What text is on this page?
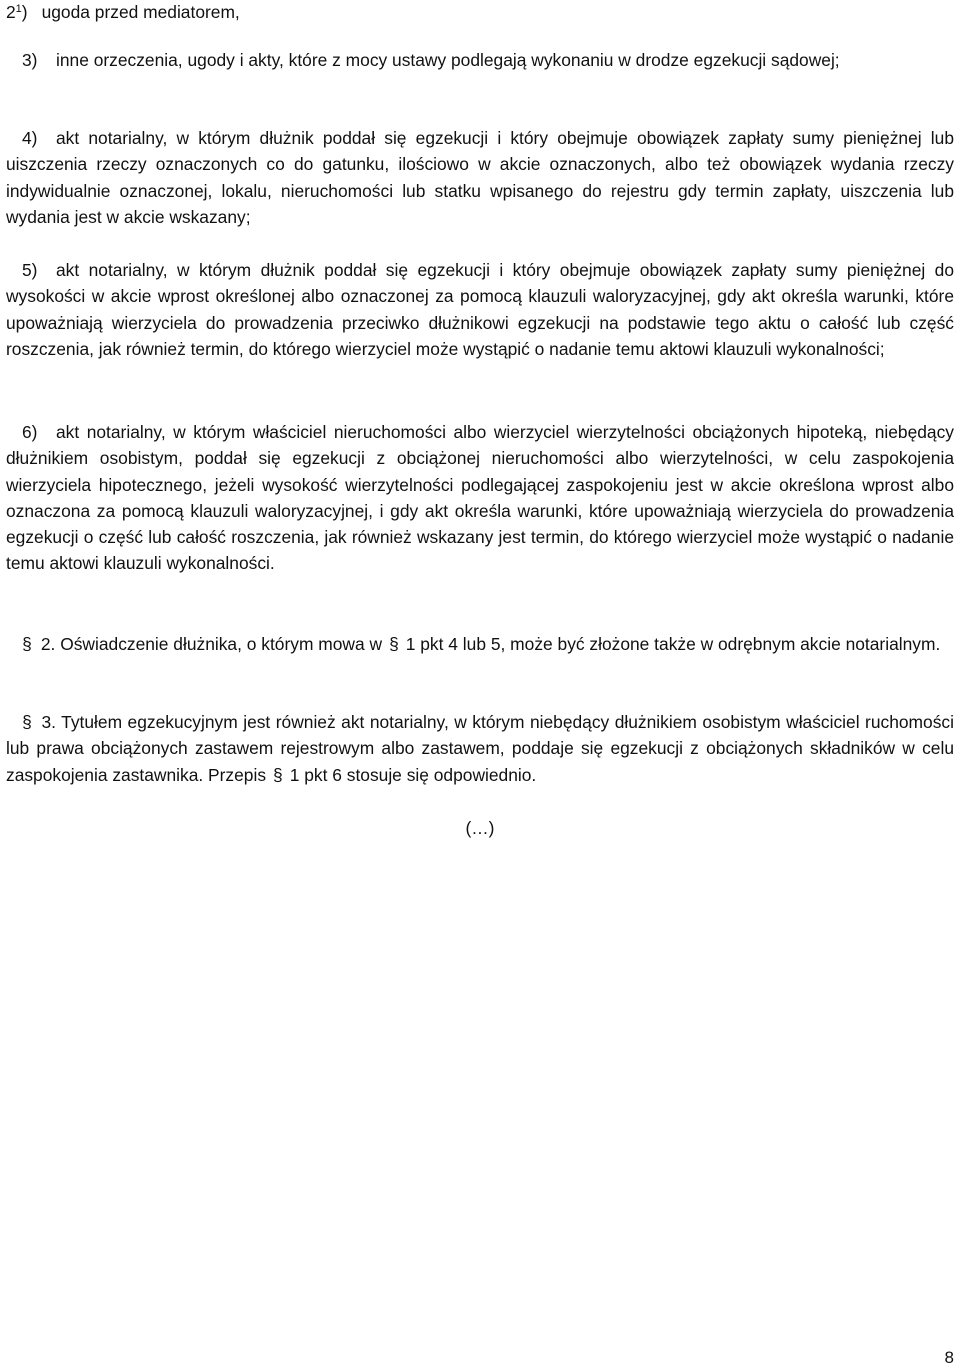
$2^1$) ugoda przed mediatorem,

3) inne orzeczenia, ugody i akty, które z mocy ustawy podlegają wykonaniu w drodze egzekucji sądowej;

4) akt notarialny, w którym dłużnik poddał się egzekucji i który obejmuje obowiązek zapłaty sumy pieniężnej lub uiszczenia rzeczy oznaczonych co do gatunku, ilościowo w akcie oznaczonych, albo też obowiązek wydania rzeczy indywidualnie oznaczonej, lokalu, nieruchomości lub statku wpisanego do rejestru gdy termin zapłaty, uiszczenia lub wydania jest w akcie wskazany;

5) akt notarialny, w którym dłużnik poddał się egzekucji i który obejmuje obowiązek zapłaty sumy pieniężnej do wysokości w akcie wprost określonej albo oznaczonej za pomocą klauzuli waloryzacyjnej, gdy akt określa warunki, które upoważniają wierzyciela do prowadzenia przeciwko dłużnikowi egzekucji na podstawie tego aktu o całość lub część roszczenia, jak również termin, do którego wierzyciel może wystąpić o nadanie temu aktowi klauzuli wykonalności;

6) akt notarialny, w którym właściciel nieruchomości albo wierzyciel wierzytelności obciążonych hipoteką, niebędący dłużnikiem osobistym, poddał się egzekucji z obciążonej nieruchomości albo wierzytelności, w celu zaspokojenia wierzyciela hipotecznego, jeżeli wysokość wierzytelności podlegającej zaspokojeniu jest w akcie określona wprost albo oznaczona za pomocą klauzuli waloryzacyjnej, i gdy akt określa warunki, które upoważniają wierzyciela do prowadzenia egzekucji o część lub całość roszczenia, jak również wskazany jest termin, do którego wierzyciel może wystąpić o nadanie temu aktowi klauzuli wykonalności.

§ 2. Oświadczenie dłużnika, o którym mowa w § 1 pkt 4 lub 5, może być złożone także w odrębnym akcie notarialnym.

§ 3. Tytułem egzekucyjnym jest również akt notarialny, w którym niebędący dłużnikiem osobistym właściciel ruchomości lub prawa obciążonych zastawem rejestrowym albo zastawem, poddaje się egzekucji z obciążonych składników w celu zaspokojenia zastawnika. Przepis § 1 pkt 6 stosuje się odpowiednio.

(…)

8
